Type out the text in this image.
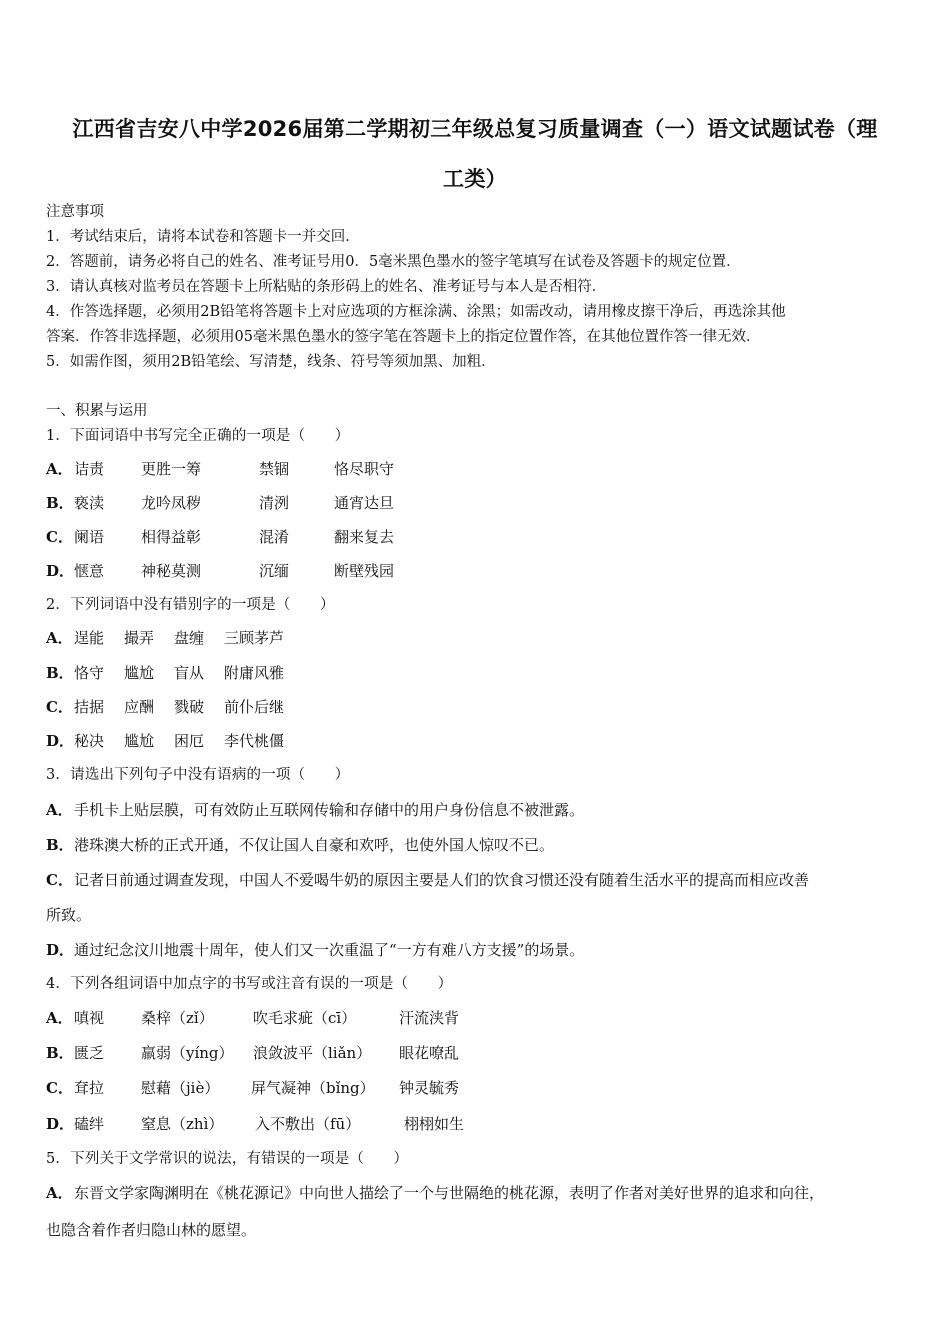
江西省吉安八中学2026届第二学期初三年级总复习质量调查（一）语文试题试卷（理
工类）
注意事项
1．考试结束后，请将本试卷和答题卡一并交回．
2．答题前，请务必将自己的姓名、准考证号用0．5毫米黑色墨水的签字笔填写在试卷及答题卡的规定位置．
3．请认真核对监考员在答题卡上所粘贴的条形码上的姓名、准考证号与本人是否相符．
4．作答选择题，必须用2B铅笔将答题卡上对应选项的方框涂满、涂黑；如需改动，请用橡皮擦干净后，再选涂其他
答案．作答非选择题，必须用05毫米黑色墨水的签字笔在答题卡上的指定位置作答，在其他位置作答一律无效．
5．如需作图，须用2B铅笔绘、写清楚，线条、符号等须加黑、加粗．
一、积累与运用
1．下面词语中书写完全正确的一项是（　　）
A． 诘责 更胜一筹	禁锢	恪尽职守
B． 亵渎 龙吟凤秽	清洌	通宵达旦
C． 阑语 相得益彰	混淆	翻来复去
D． 惬意 神秘莫测	沉缅	断壁残园
2．下列词语中没有错别字的一项是（　　）
A． 逞能 撮弄 盘缠 三顾茅芦
B． 恪守 尴尬 盲从 附庸风雅
C． 拮据 应酬 戮破 前仆后继
D． 秘决 尴尬 困厄 李代桃僵
3．请选出下列句子中没有语病的一项（　　）
A．手机卡上贴层膜，可有效防止互联网传输和存储中的用户身份信息不被泄露。
B．港珠澳大桥的正式开通，不仅让国人自豪和欢呼，也使外国人惊叹不已。
C．记者日前通过调查发现，中国人不爱喝牛奶的原因主要是人们的饮食习惯还没有随着生活水平的提高而相应改善
所致。
D．通过纪念汶川地震十周年，使人们又一次重温了“一方有难八方支援”的场景。
4．下列各组词语中加点字的书写或注音有误的一项是（　　）
A． 嗔视 桑梓（zǐ）	吹毛求疵（cī）	汗流浃背
B． 匮乏 羸弱（yíng） 浪敛波平（liǎn） 眼花嘹乱
C． 耷拉 慰藉（jiè） 屏气凝神（bǐng） 钟灵毓秀
D． 磕绊 窒息（zhì） 入不敷出（fū）	栩栩如生
5．下列关于文学常识的说法，有错误的一项是（　　）
A．东晋文学家陶渊明在《桃花源记》中向世人描绘了一个与世隔绝的桃花源，表明了作者对美好世界的追求和向往，
也隐含着作者归隐山林的愿望。
